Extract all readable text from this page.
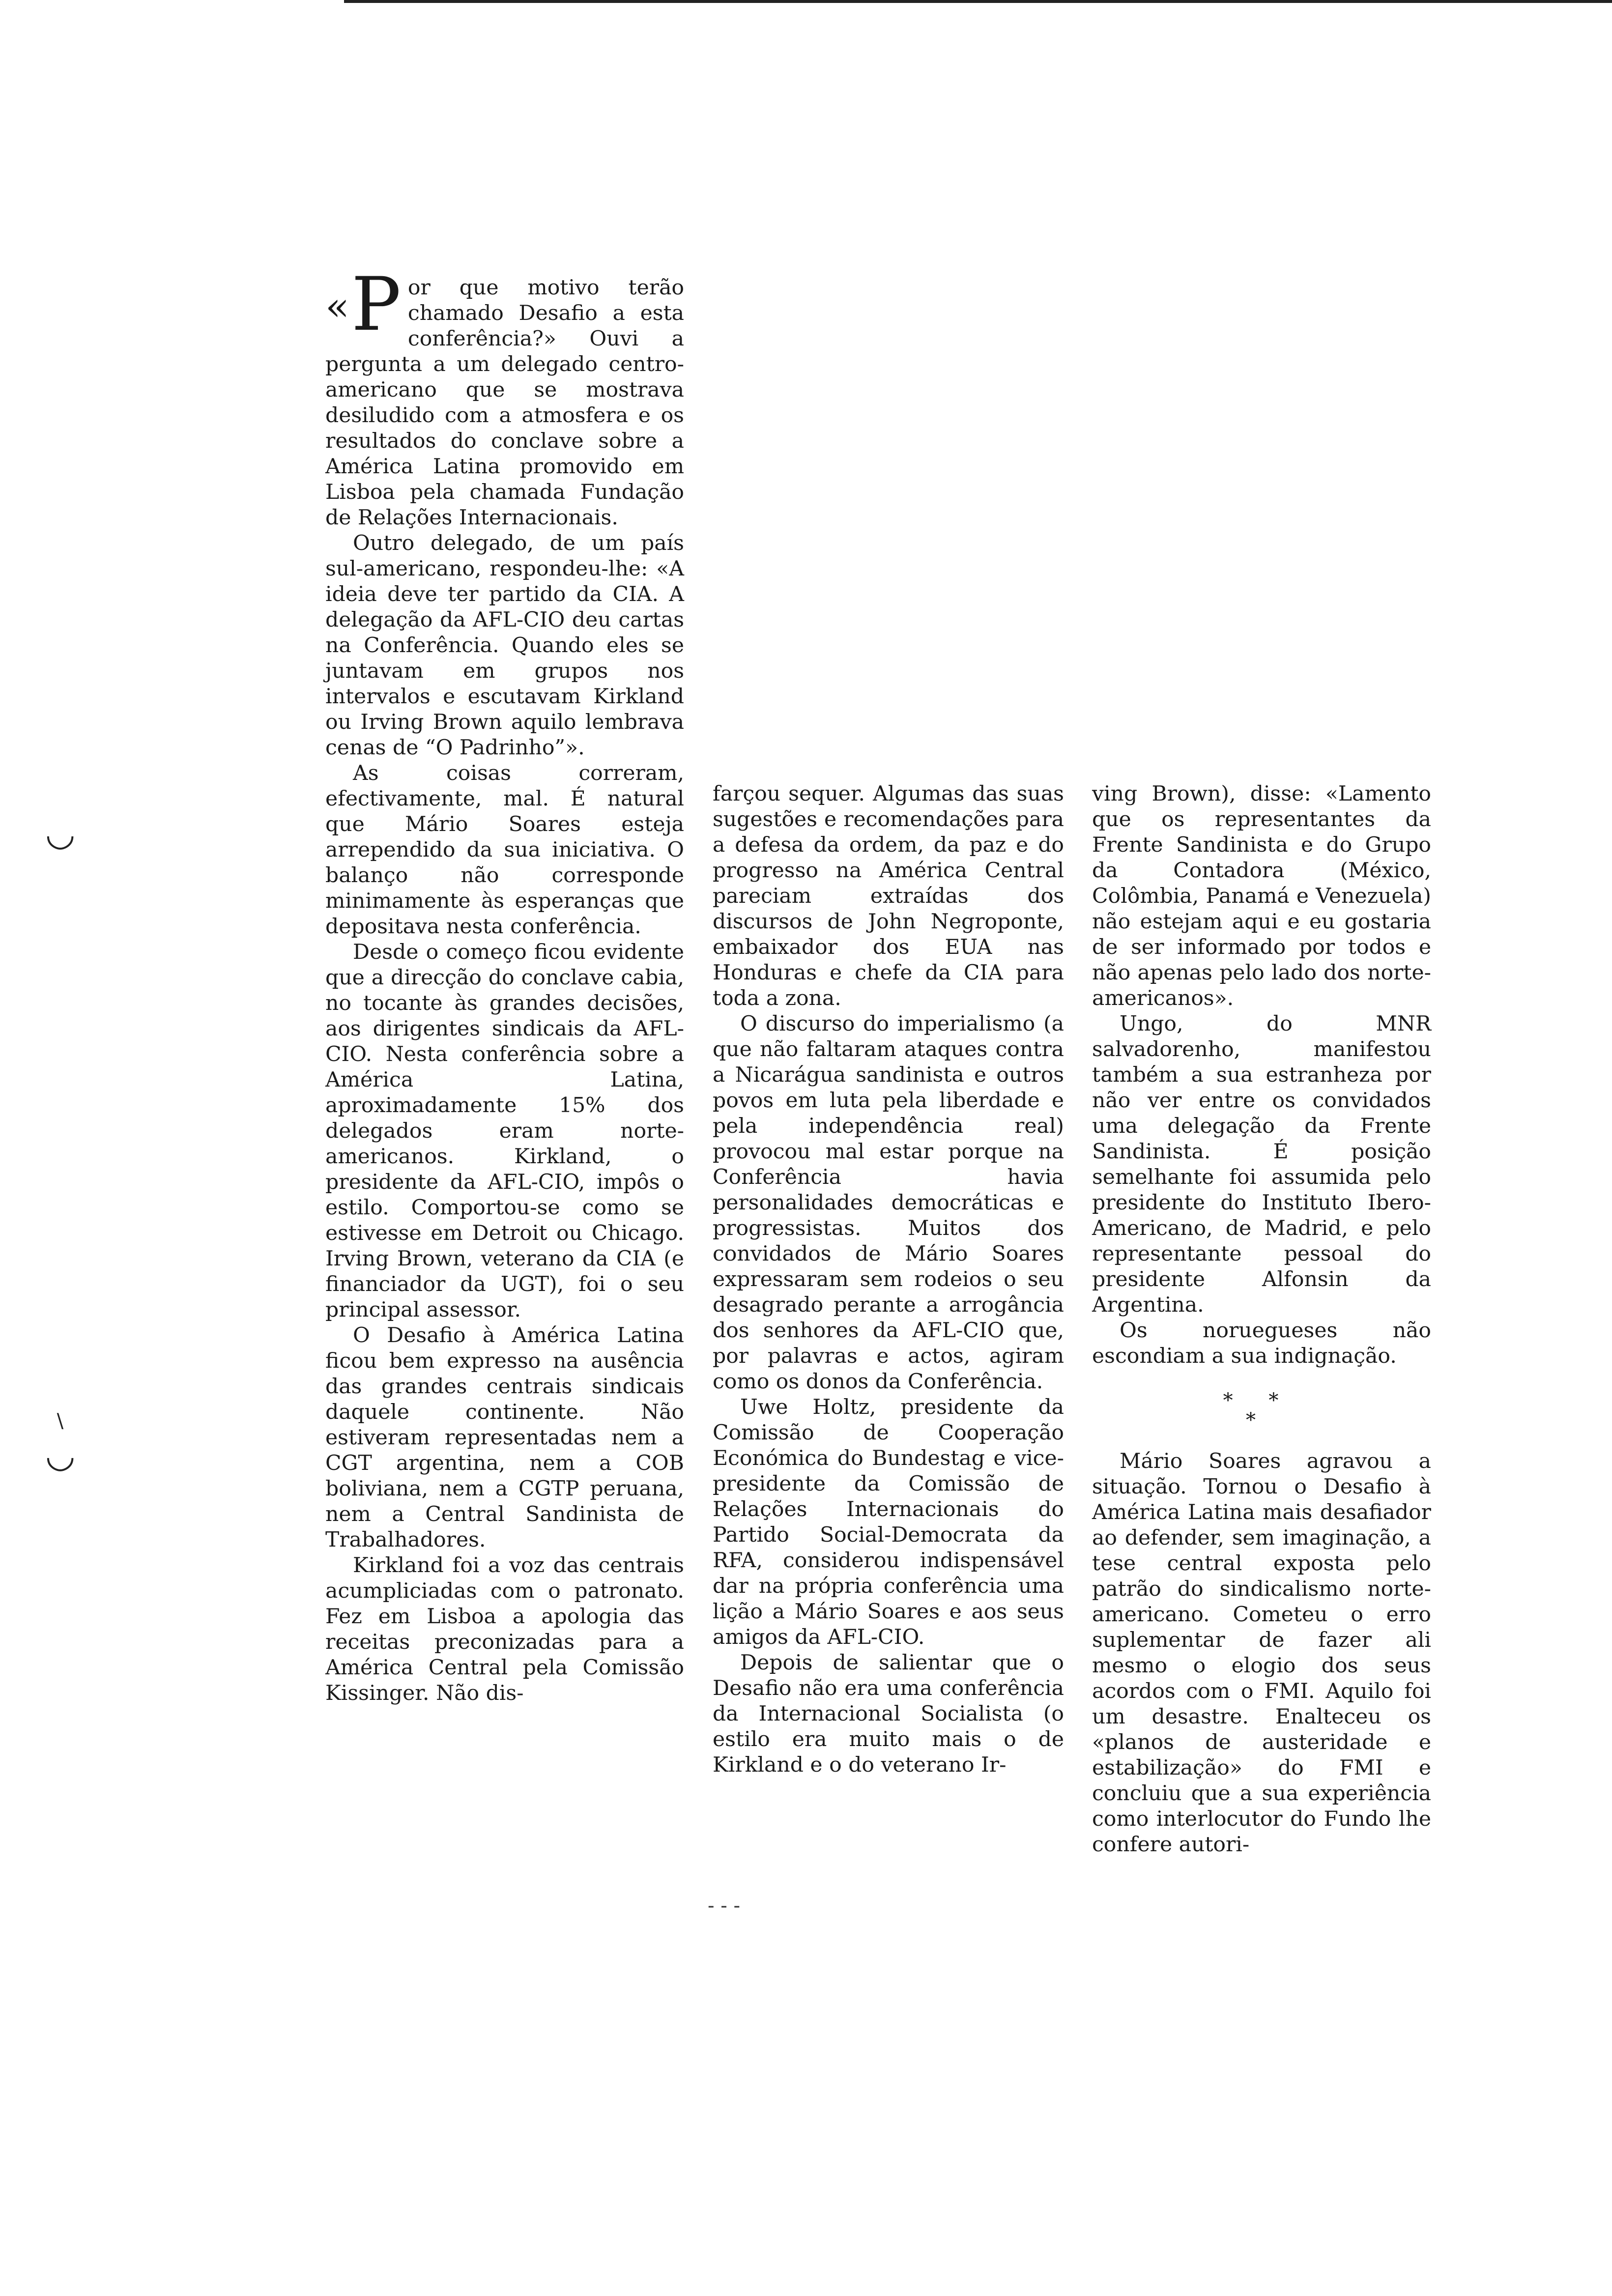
◡
∖
◡

«P or que motivo terão chamado Desafio a esta conferência?» Ouvi a pergunta a um delegado centro-americano que se mostrava desiludido com a atmosfera e os resultados do conclave sobre a América Latina promovido em Lisboa pela chamada Fundação de Relações Internacionais.

Outro delegado, de um país sul-americano, respondeu-lhe: «A ideia deve ter partido da CIA. A delegação da AFL-CIO deu cartas na Conferência. Quando eles se juntavam em grupos nos intervalos e escutavam Kirkland ou Irving Brown aquilo lembrava cenas de “O Padrinho”».

As coisas correram, efectivamente, mal. É natural que Mário Soares esteja arrependido da sua iniciativa. O balanço não corresponde minimamente às esperanças que depositava nesta conferência.

Desde o começo ficou evidente que a direcção do conclave cabia, no tocante às grandes decisões, aos dirigentes sindicais da AFL-CIO. Nesta conferência sobre a América Latina, aproximadamente 15% dos delegados eram norte-americanos. Kirkland, o presidente da AFL-CIO, impôs o estilo. Comportou-se como se estivesse em Detroit ou Chicago. Irving Brown, veterano da CIA (e financiador da UGT), foi o seu principal assessor.

O Desafio à América Latina ficou bem expresso na ausência das grandes centrais sindicais daquele continente. Não estiveram representadas nem a CGT argentina, nem a COB boliviana, nem a CGTP peruana, nem a Central Sandinista de Trabalhadores.

Kirkland foi a voz das centrais acumpliciadas com o patronato. Fez em Lisboa a apologia das receitas preconizadas para a América Central pela Comissão Kissinger. Não dis-

farçou sequer. Algumas das suas sugestões e recomendações para a defesa da ordem, da paz e do progresso na América Central pareciam extraídas dos discursos de John Negroponte, embaixador dos EUA nas Honduras e chefe da CIA para toda a zona.

O discurso do imperialismo (a que não faltaram ataques contra a Nicarágua sandinista e outros povos em luta pela liberdade e pela independência real) provocou mal estar porque na Conferência havia personalidades democráticas e progressistas. Muitos dos convidados de Mário Soares expressaram sem rodeios o seu desagrado perante a arrogância dos senhores da AFL-CIO que, por palavras e actos, agiram como os donos da Conferência.

Uwe Holtz, presidente da Comissão de Cooperação Económica do Bundestag e vice-presidente da Comissão de Relações Internacionais do Partido Social-Democrata da RFA, considerou indispensável dar na própria conferência uma lição a Mário Soares e aos seus amigos da AFL-CIO.

Depois de salientar que o Desafio não era uma conferência da Internacional Socialista (o estilo era muito mais o de Kirkland e o do veterano Ir-

ving Brown), disse: «Lamento que os representantes da Frente Sandinista e do Grupo da Contadora (México, Colômbia, Panamá e Venezuela) não estejam aqui e eu gostaria de ser informado por todos e não apenas pelo lado dos norte-americanos».

Ungo, do MNR salvadorenho, manifestou também a sua estranheza por não ver entre os convidados uma delegação da Frente Sandinista. É posição semelhante foi assumida pelo presidente do Instituto Ibero-Americano, de Madrid, e pelo representante pessoal do presidente Alfonsin da Argentina.

Os noruegueses não escondiam a sua indignação.

* * *

Mário Soares agravou a situação. Tornou o Desafio à América Latina mais desafiador ao defender, sem imaginação, a tese central exposta pelo patrão do sindicalismo norte-americano. Cometeu o erro suplementar de fazer ali mesmo o elogio dos seus acordos com o FMI. Aquilo foi um desastre. Enalteceu os «planos de austeridade e estabilização» do FMI e concluiu que a sua experiência como interlocutor do Fundo lhe confere autori-

- - -
